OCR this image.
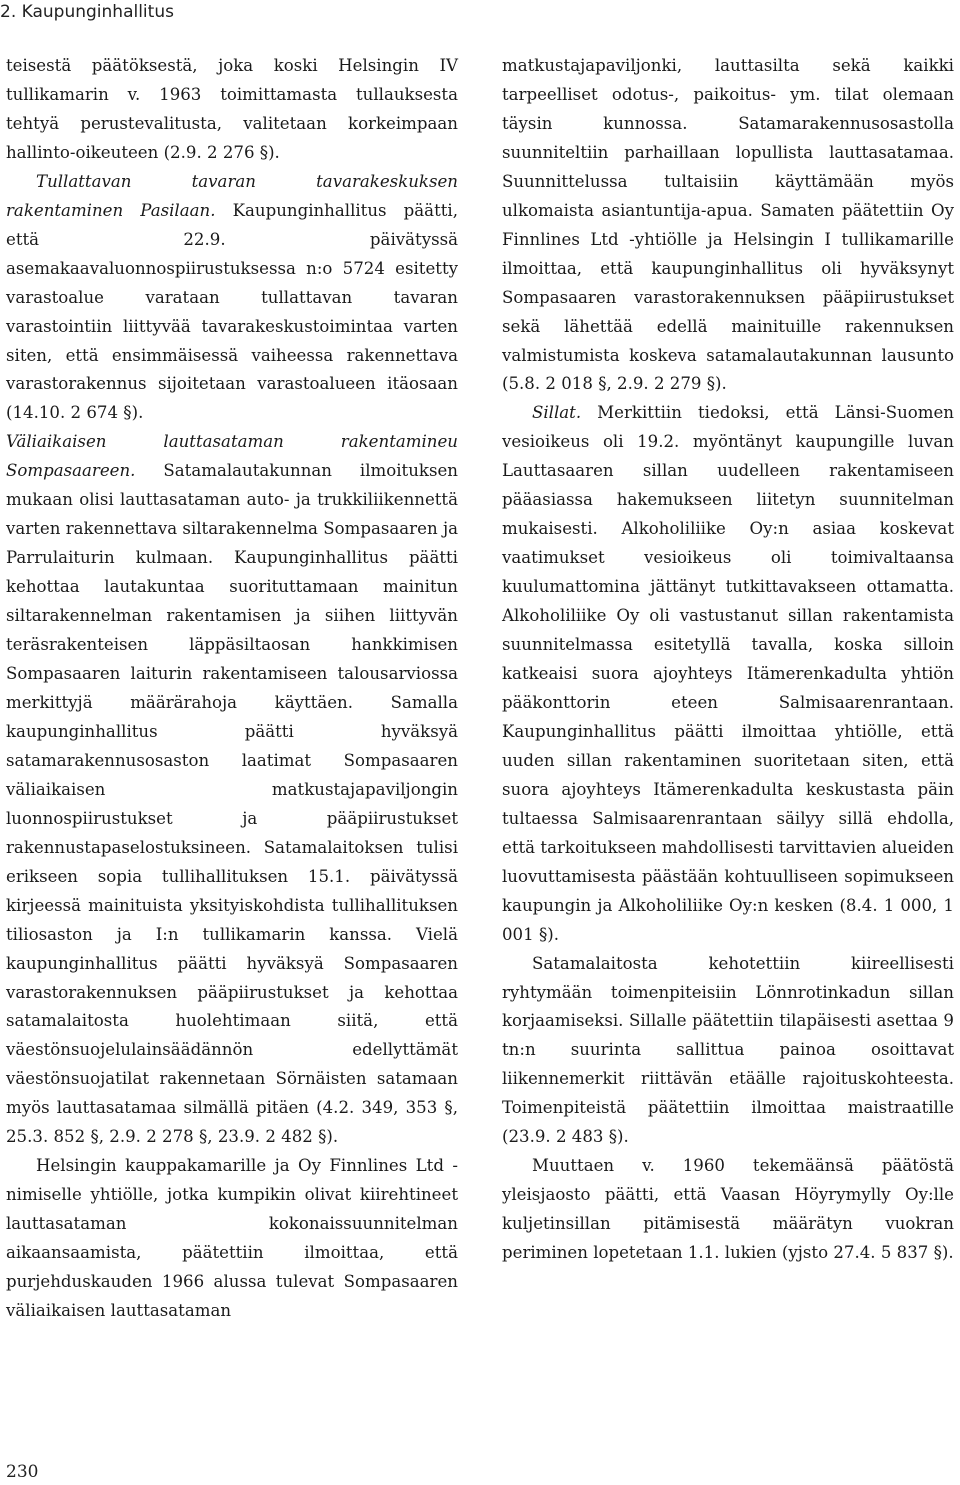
2. Kaupunginhallitus

teisestä päätöksestä, joka koski Helsingin IV tullikamarin v. 1963 toimittamasta tullauksesta tehtyä perustevalitusta, valitetaan korkeimpaan hallinto-oikeuteen (2.9. 2 276 §).

Tullattavan tavaran tavarakeskuksen rakentaminen Pasilaan. Kaupunginhallitus päätti, että 22.9. päivätyssä asemakaavaluonnospiirustuksessa n:o 5724 esitetty varastoalue varataan tullattavan tavaran varastointiin liittyvää tavarakeskustoimintaa varten siten, että ensimmäisessä vaiheessa rakennettava varastorakennus sijoitetaan varastoalueen itäosaan (14.10. 2 674 §).

Väliaikaisen lauttasataman rakentamineu Sompasaareen. Satamalautakunnan ilmoituksen mukaan olisi lauttasataman auto- ja trukkiliikennettä varten rakennettava siltarakennelma Sompasaaren ja Parrulaiturin kulmaan. Kaupunginhallitus päätti kehottaa lautakuntaa suorituttamaan mainitun siltarakennelman rakentamisen ja siihen liittyvän teräsrakenteisen läppäsiltaosan hankkimisen Sompasaaren laiturin rakentamiseen talousarviossa merkittyjä määrärahoja käyttäen. Samalla kaupunginhallitus päätti hyväksyä satamarakennusosaston laatimat Sompasaaren väliaikaisen matkustajapaviljongin luonnospiirustukset ja pääpiirustukset rakennustapaselostuksineen. Satamalaitoksen tulisi erikseen sopia tullihallituksen 15.1. päivätyssä kirjeessä mainituista yksityiskohdista tullihallituksen tiliosaston ja I:n tullikamarin kanssa. Vielä kaupunginhallitus päätti hyväksyä Sompasaaren varastorakennuksen pääpiirustukset ja kehottaa satamalaitosta huolehtimaan siitä, että väestönsuojelulainsäädännön edellyttämät väestönsuojatilat rakennetaan Sörnäisten satamaan myös lauttasatamaa silmällä pitäen (4.2. 349, 353 §, 25.3. 852 §, 2.9. 2 278 §, 23.9. 2 482 §).

Helsingin kauppakamarille ja Oy Finnlines Ltd -nimiselle yhtiölle, jotka kumpikin olivat kiirehtineet lauttasataman kokonaissuunnitelman aikaansaamista, päätettiin ilmoittaa, että purjehduskauden 1966 alussa tulevat Sompasaaren väliaikaisen lauttasataman

matkustajapaviljonki, lauttasilta sekä kaikki tarpeelliset odotus-, paikoitus- ym. tilat olemaan täysin kunnossa. Satamarakennusosastolla suunniteltiin parhaillaan lopullista lauttasatamaa. Suunnittelussa tultaisiin käyttämään myös ulkomaista asiantuntija-apua. Samaten päätettiin Oy Finnlines Ltd -yhtiölle ja Helsingin I tullikamarille ilmoittaa, että kaupunginhallitus oli hyväksynyt Sompasaaren varastorakennuksen pääpiirustukset sekä lähettää edellä mainituille rakennuksen valmistumista koskeva satamalautakunnan lausunto (5.8. 2 018 §, 2.9. 2 279 §).

Sillat. Merkittiin tiedoksi, että Länsi-Suomen vesioikeus oli 19.2. myöntänyt kaupungille luvan Lauttasaaren sillan uudelleen rakentamiseen pääasiassa hakemukseen liitetyn suunnitelman mukaisesti. Alkoholiliike Oy:n asiaa koskevat vaatimukset vesioikeus oli toimivaltaansa kuulumattomina jättänyt tutkittavakseen ottamatta. Alkoholiliike Oy oli vastustanut sillan rakentamista suunnitelmassa esitetyllä tavalla, koska silloin katkeaisi suora ajoyhteys Itämerenkadulta yhtiön pääkonttorin eteen Salmisaarenrantaan. Kaupunginhallitus päätti ilmoittaa yhtiölle, että uuden sillan rakentaminen suoritetaan siten, että suora ajoyhteys Itämerenkadulta keskustasta päin tultaessa Salmisaarenrantaan säilyy sillä ehdolla, että tarkoitukseen mahdollisesti tarvittavien alueiden luovuttamisesta päästään kohtuulliseen sopimukseen kaupungin ja Alkoholiliike Oy:n kesken (8.4. 1 000, 1 001 §).

Satamalaitosta kehotettiin kiireellisesti ryhtymään toimenpiteisiin Lönnrotinkadun sillan korjaamiseksi. Sillalle päätettiin tilapäisesti asettaa 9 tn:n suurinta sallittua painoa osoittavat liikennemerkit riittävän etäälle rajoituskohteesta. Toimenpiteistä päätettiin ilmoittaa maistraatille (23.9. 2 483 §).

Muuttaen v. 1960 tekemäänsä päätöstä yleisjaosto päätti, että Vaasan Höyrymylly Oy:lle kuljetinsillan pitämisestä määrätyn vuokran periminen lopetetaan 1.1. lukien (yjsto 27.4. 5 837 §).

230
